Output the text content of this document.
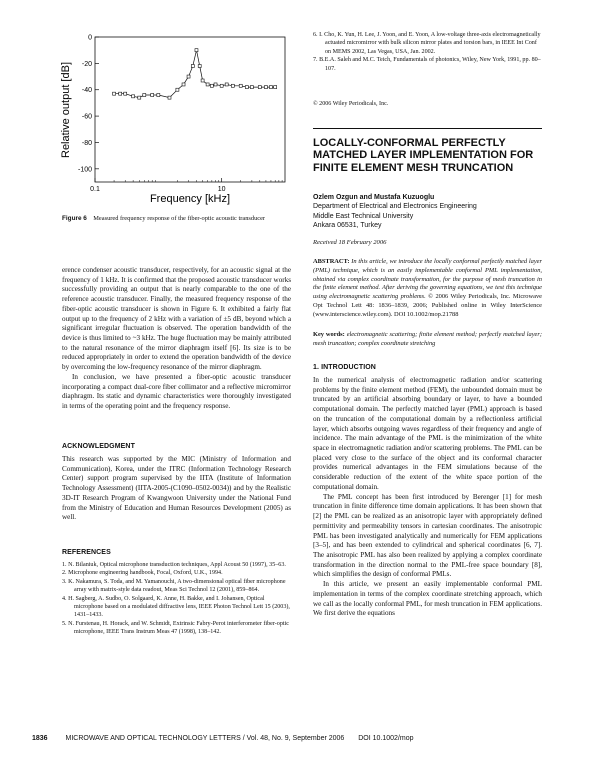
0
-20
-40
-60
-80
-100
0.1	10
Relative output [dB]
Frequency [kHz]
Figure 6 Measured frequency response of the fiber-optic acoustic transducer

erence condenser acoustic transducer, respectively, for an acoustic signal at the frequency of 1 kHz. It is confirmed that the proposed acoustic transducer works successfully providing an output that is nearly comparable to the one of the reference acoustic transducer. Finally, the measured frequency response of the fiber-optic acoustic transducer is shown in Figure 6. It exhibited a fairly flat output up to the frequency of 2 kHz with a variation of ±5 dB, beyond which a significant irregular fluctuation is observed. The operation bandwidth of the device is thus limited to ~3 kHz. The huge fluctuation may be mainly attributed to the natural resonance of the mirror diaphragm itself [6]. Its size is to be reduced appropriately in order to extend the operation bandwidth of the device by overcoming the low-frequency resonance of the mirror diaphragm.

In conclusion, we have presented a fiber-optic acoustic transducer incorporating a compact dual-core fiber collimator and a reflective micromirror diaphragm. Its static and dynamic characteristics were thoroughly investigated in terms of the operating point and the frequency response.

ACKNOWLEDGMENT
This research was supported by the MIC (Ministry of Information and Communication), Korea, under the ITRC (Information Technology Research Center) support program supervised by the IITA (Institute of Information Technology Assessment) (IITA-2005-(C1090–0502-0034)) and by the Realistic 3D-IT Research Program of Kwangwoon University under the National Fund from the Ministry of Education and Human Resources Development (2005) as well.
REFERENCES

1. N. Bilaniuk, Optical microphone transduction techniques, Appl Acoust 50 (1997), 35–63.

2. Microphone engineering handbook, Focal, Oxford, U.K., 1994.

3. K. Nakamura, S. Toda, and M. Yamanouchi, A two-dimensional optical fiber microphone array with matrix-style data readout, Meas Sci Technol 12 (2001), 859–864.

4. H. Sagberg, A. Sudbo, O. Solgaard, K. Anne, H. Bakke, and I. Johansen, Optical microphone based on a modulated diffractive lens, IEEE Photon Technol Lett 15 (2003), 1431–1433.

5. N. Furstenau, H. Horack, and W. Schmidt, Extrinsic Fabry-Perot interferometer fiber-optic microphone, IEEE Trans Instrum Meas 47 (1998), 138–142.

6. I. Cho, K. Yun, H. Lee, J. Yoon, and E. Yoon, A low-voltage three-axis electromagnetically actuated micromirror with bulk silicon mirror plates and torsion bars, in IEEE Int Conf on MEMS 2002, Las Vegas, USA, Jan. 2002.

7. B.E.A. Saleh and M.C. Teich, Fundamentals of photonics, Wiley, New York, 1991, pp. 80–107.

© 2006 Wiley Periodicals, Inc.
LOCALLY-CONFORMAL PERFECTLY MATCHED LAYER IMPLEMENTATION FOR FINITE ELEMENT MESH TRUNCATION
Ozlem Ozgun and Mustafa Kuzuoglu
Department of Electrical and Electronics Engineering
Middle East Technical University
Ankara 06531, Turkey
Received 18 February 2006
ABSTRACT: In this article, we introduce the locally conformal perfectly matched layer (PML) technique, which is an easily implementable conformal PML implementation, obtained via complex coordinate transformation, for the purpose of mesh truncation in the finite element method. After deriving the governing equations, we test this technique using electromagnetic scattering problems. © 2006 Wiley Periodicals, Inc. Microwave Opt Technol Lett 48: 1836–1839, 2006; Published online in Wiley InterScience (www.interscience.wiley.com). DOI 10.1002/mop.21788
Key words: electromagnetic scattering; finite element method; perfectly matched layer; mesh truncation; complex coordinate stretching
1. INTRODUCTION

In the numerical analysis of electromagnetic radiation and/or scattering problems by the finite element method (FEM), the unbounded domain must be truncated by an artificial absorbing boundary or layer, to have a bounded computational domain. The perfectly matched layer (PML) approach is based on the truncation of the computational domain by a reflectionless artificial layer, which absorbs outgoing waves regardless of their frequency and angle of incidence. The main advantage of the PML is the minimization of the white space in electromagnetic radiation and/or scattering problems. The PML can be placed very close to the surface of the object and its conformal character provides numerical advantages in the FEM simulations because of the considerable reduction of the extent of the white space portion of the computational domain.

The PML concept has been first introduced by Berenger [1] for mesh truncation in finite difference time domain applications. It has been shown that [2] the PML can be realized as an anisotropic layer with appropriately defined permittivity and permeability tensors in cartesian coordinates. The anisotropic PML has been investigated analytically and numerically for FEM applications [3–5], and has been extended to cylindrical and spherical coordinates [6, 7]. The anisotropic PML has also been realized by applying a complex coordinate transformation in the direction normal to the PML-free space boundary [8], which simplifies the design of conformal PMLs.

In this article, we present an easily implementable conformal PML implementation in terms of the complex coordinate stretching approach, which we call as the locally conformal PML, for mesh truncation in FEM applications. We first derive the equations

1836	MICROWAVE AND OPTICAL TECHNOLOGY LETTERS / Vol. 48, No. 9, September 2006 DOI 10.1002/mop
